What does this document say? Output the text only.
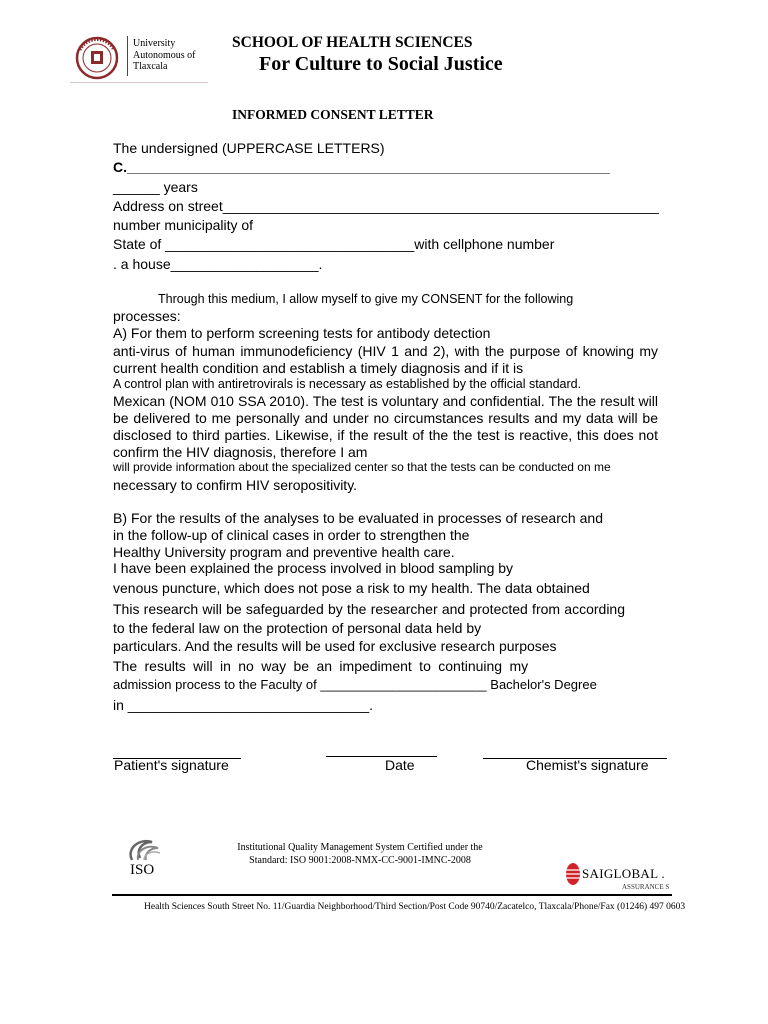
University
Autonomous of
Tlaxcala
SCHOOL OF HEALTH SCIENCES
For Culture to Social Justice
INFORMED CONSENT LETTER
The undersigned (UPPERCASE LETTERS)
C.______________________________________________________________
______ years
Address on street________________________________________________________
number municipality of
State of ________________________________with cellphone number
. a house___________________.
Through this medium, I allow myself to give my CONSENT for the following
processes:
A) For them to perform screening tests for antibody detection
anti-virus of human immunodeficiency (HIV 1 and 2), with the purpose of knowing my current health condition and establish a timely diagnosis and if it is
A control plan with antiretrovirals is necessary as established by the official standard.
Mexican (NOM 010 SSA 2010). The test is voluntary and confidential. The the result will be delivered to me personally and under no circumstances results and my data will be disclosed to third parties. Likewise, if the result of the the test is reactive, this does not confirm the HIV diagnosis, therefore I am
will provide information about the specialized center so that the tests can be conducted on me
necessary to confirm HIV seropositivity.
B) For the results of the analyses to be evaluated in processes of research and in the follow-up of clinical cases in order to strengthen the
Healthy University program and preventive health care.
I have been explained the process involved in blood sampling by
venous puncture, which does not pose a risk to my health. The data obtained
This research will be safeguarded by the researcher and protected from according to the federal law on the protection of personal data held by
particulars. And the results will be used for exclusive research purposes
The results will in no way be an impediment to continuing my
admission process to the Faculty of _______________________ Bachelor's Degree
in _______________________________.
Patient's signature	Date	Chemist's signature
ISO
Institutional Quality Management System Certified under the
Standard: ISO 9001:2008-NMX-CC-9001-IMNC-2008
SAIGLOBAL .
ASSURANCE S
Health Sciences South Street No. 11/Guardia Neighborhood/Third Section/Post Code 90740/Zacatelco, Tlaxcala/Phone/Fax (01246) 497 0603
